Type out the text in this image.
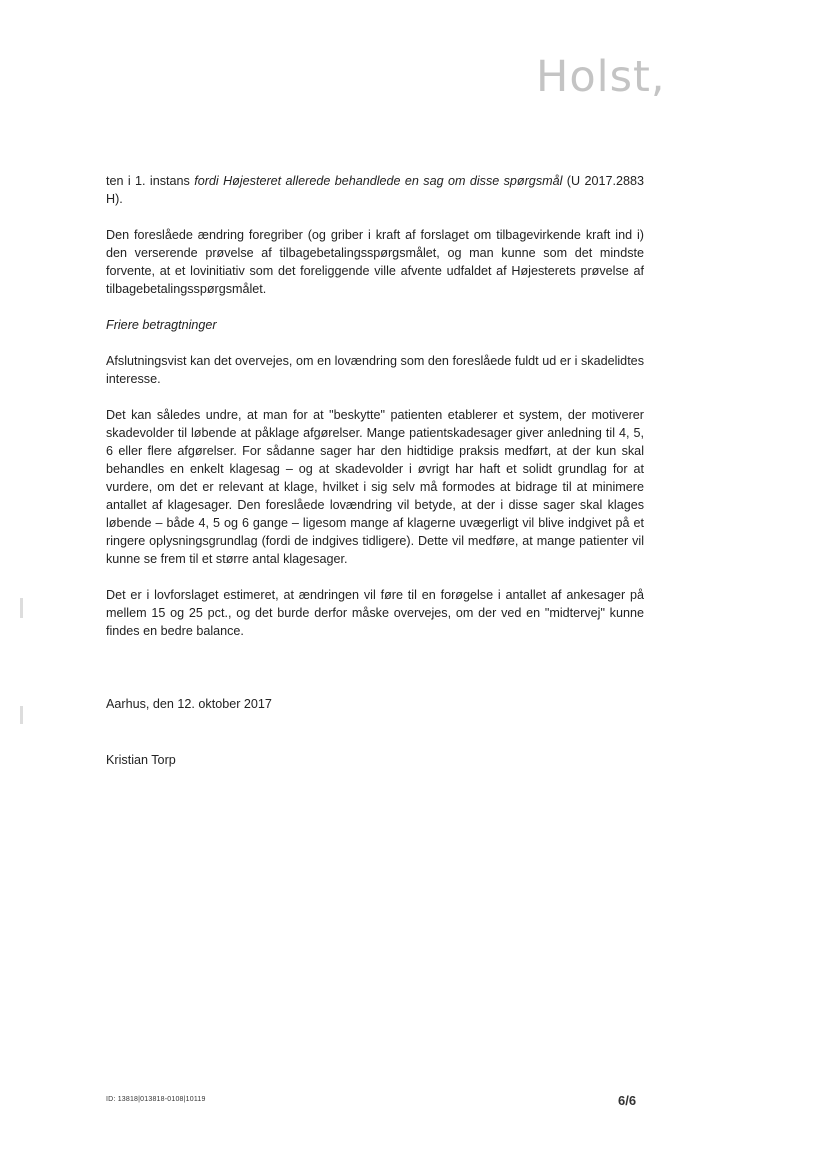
Holst,

ten i 1. instans fordi Højesteret allerede behandlede en sag om disse spørgsmål (U 2017.2883 H).

Den foreslåede ændring foregriber (og griber i kraft af forslaget om tilbagevirkende kraft ind i) den verserende prøvelse af tilbagebetalingsspørgsmålet, og man kunne som det mindste forvente, at et lovinitiativ som det foreliggende ville afvente udfaldet af Højesterets prøvelse af tilbagebetalingsspørgsmålet.

Friere betragtninger

Afslutningsvist kan det overvejes, om en lovændring som den foreslåede fuldt ud er i skadelidtes interesse.

Det kan således undre, at man for at "beskytte" patienten etablerer et system, der motiverer skadevolder til løbende at påklage afgørelser. Mange patientskadesager giver anledning til 4, 5, 6 eller flere afgørelser. For sådanne sager har den hidtidige praksis medført, at der kun skal behandles en enkelt klagesag – og at skadevolder i øvrigt har haft et solidt grundlag for at vurdere, om det er relevant at klage, hvilket i sig selv må formodes at bidrage til at minimere antallet af klagesager. Den foreslåede lovændring vil betyde, at der i disse sager skal klages løbende – både 4, 5 og 6 gange – ligesom mange af klagerne uvægerligt vil blive indgivet på et ringere oplysningsgrundlag (fordi de indgives tidligere). Dette vil medføre, at mange patienter vil kunne se frem til et større antal klagesager.

Det er i lovforslaget estimeret, at ændringen vil føre til en forøgelse i antallet af ankesager på mellem 15 og 25 pct., og det burde derfor måske overvejes, om der ved en "midtervej" kunne findes en bedre balance.

Aarhus, den 12. oktober 2017
Kristian Torp
ID: 13818|013818-0108|10119	6/6
